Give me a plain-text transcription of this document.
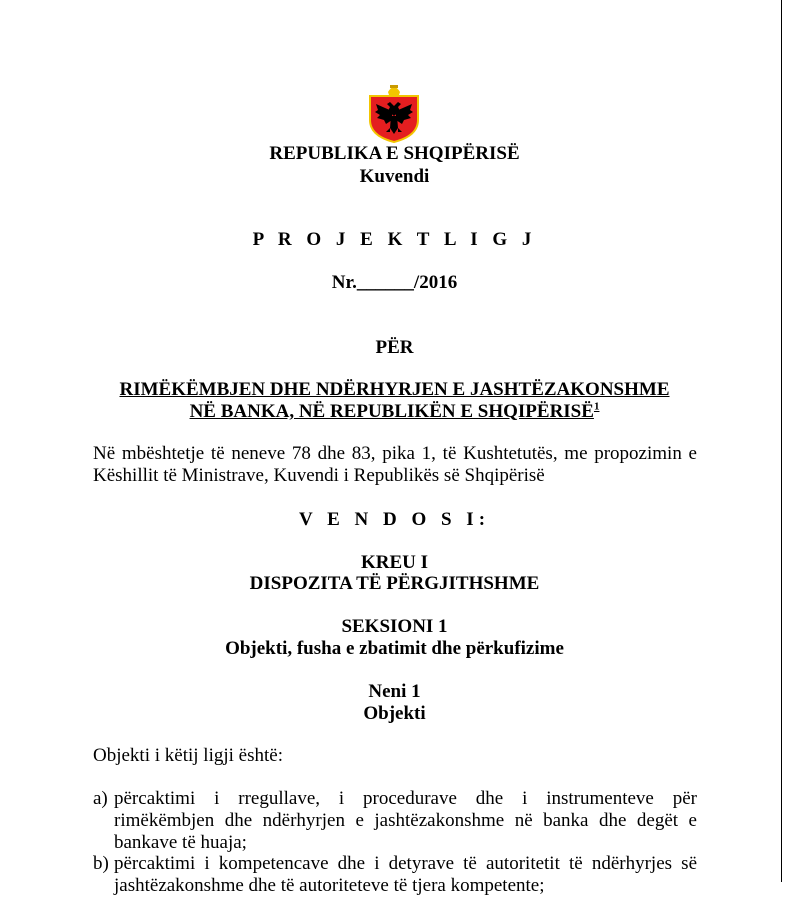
REPUBLIKA E SHQIPËRISË
Kuvendi
P R O J E K T L I G J
Nr.______/2016
PËR
RIMËKËMBJEN DHE NDËRHYRJEN E JASHTËZAKONSHME
NË BANKA, NË REPUBLIKËN E SHQIPËRISË$^1$
Në mbështetje të neneve 78 dhe 83, pika 1, të Kushtetutës, me propozimin e
Këshillit të Ministrave, Kuvendi i Republikës së Shqipërisë
V E N D O S I:
KREU I
DISPOZITA TË PËRGJITHSHME
SEKSIONI 1
Objekti, fusha e zbatimit dhe përkufizime
Neni 1
Objekti
Objekti i këtij ligji është:
a) përcaktimi i rregullave, i procedurave dhe i instrumenteve për
rimëkëmbjen dhe ndërhyrjen e jashtëzakonshme në banka dhe degët e
bankave të huaja;
b) përcaktimi i kompetencave dhe i detyrave të autoritetit të ndërhyrjes së
jashtëzakonshme dhe të autoriteteve të tjera kompetente;
